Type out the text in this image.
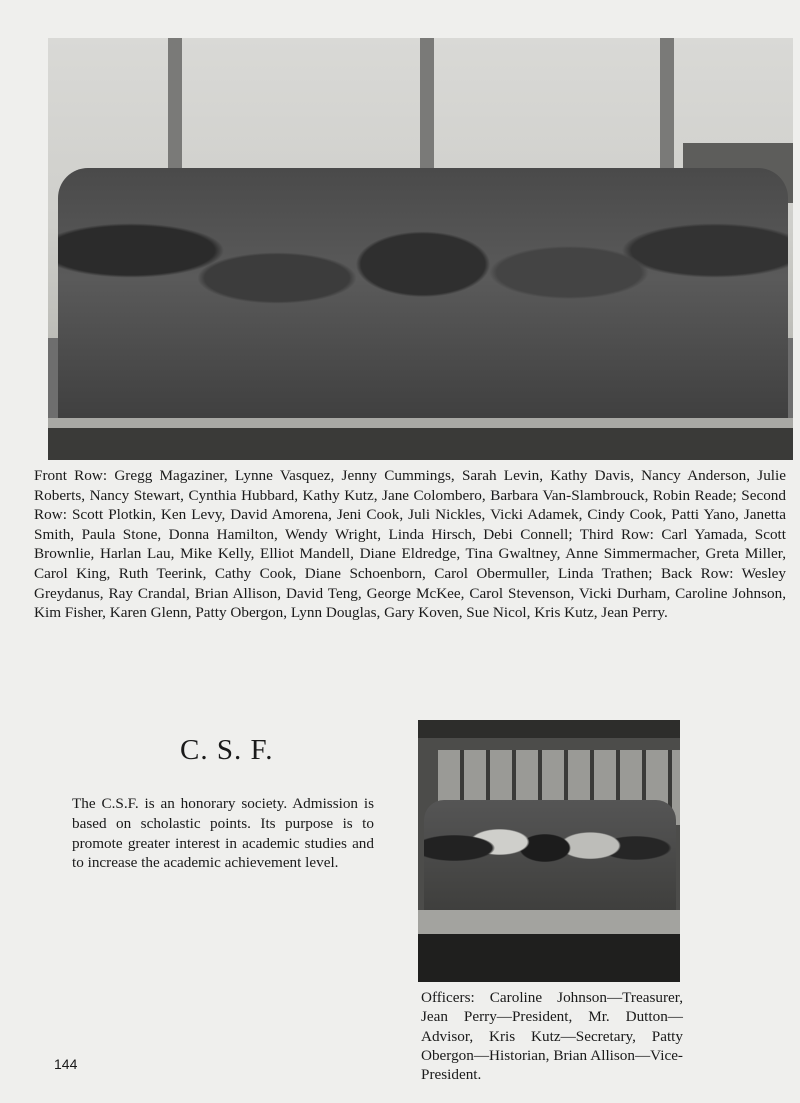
Front Row: Gregg Magaziner, Lynne Vasquez, Jenny Cummings, Sarah Levin, Kathy Davis, Nancy Anderson, Julie Roberts, Nancy Stewart, Cynthia Hubbard, Kathy Kutz, Jane Colombero, Barbara Van-Slambrouck, Robin Reade; Second Row: Scott Plotkin, Ken Levy, David Amorena, Jeni Cook, Juli Nickles, Vicki Adamek, Cindy Cook, Patti Yano, Janetta Smith, Paula Stone, Donna Hamilton, Wendy Wright, Linda Hirsch, Debi Connell; Third Row: Carl Yamada, Scott Brownlie, Harlan Lau, Mike Kelly, Elliot Mandell, Diane Eldredge, Tina Gwaltney, Anne Simmermacher, Greta Miller, Carol King, Ruth Teerink, Cathy Cook, Diane Schoenborn, Carol Obermuller, Linda Trathen; Back Row: Wesley Greydanus, Ray Crandal, Brian Allison, David Teng, George McKee, Carol Stevenson, Vicki Durham, Caroline Johnson, Kim Fisher, Karen Glenn, Patty Obergon, Lynn Douglas, Gary Koven, Sue Nicol, Kris Kutz, Jean Perry.
C. S. F.
The C.S.F. is an honorary society. Admission is based on scholastic points. Its purpose is to promote greater interest in academic studies and to increase the academic achievement level.
Officers: Caroline Johnson—Treasurer, Jean Perry—President, Mr. Dutton—Advisor, Kris Kutz—Secretary, Patty Obergon—Historian, Brian Allison—Vice-President.
144
